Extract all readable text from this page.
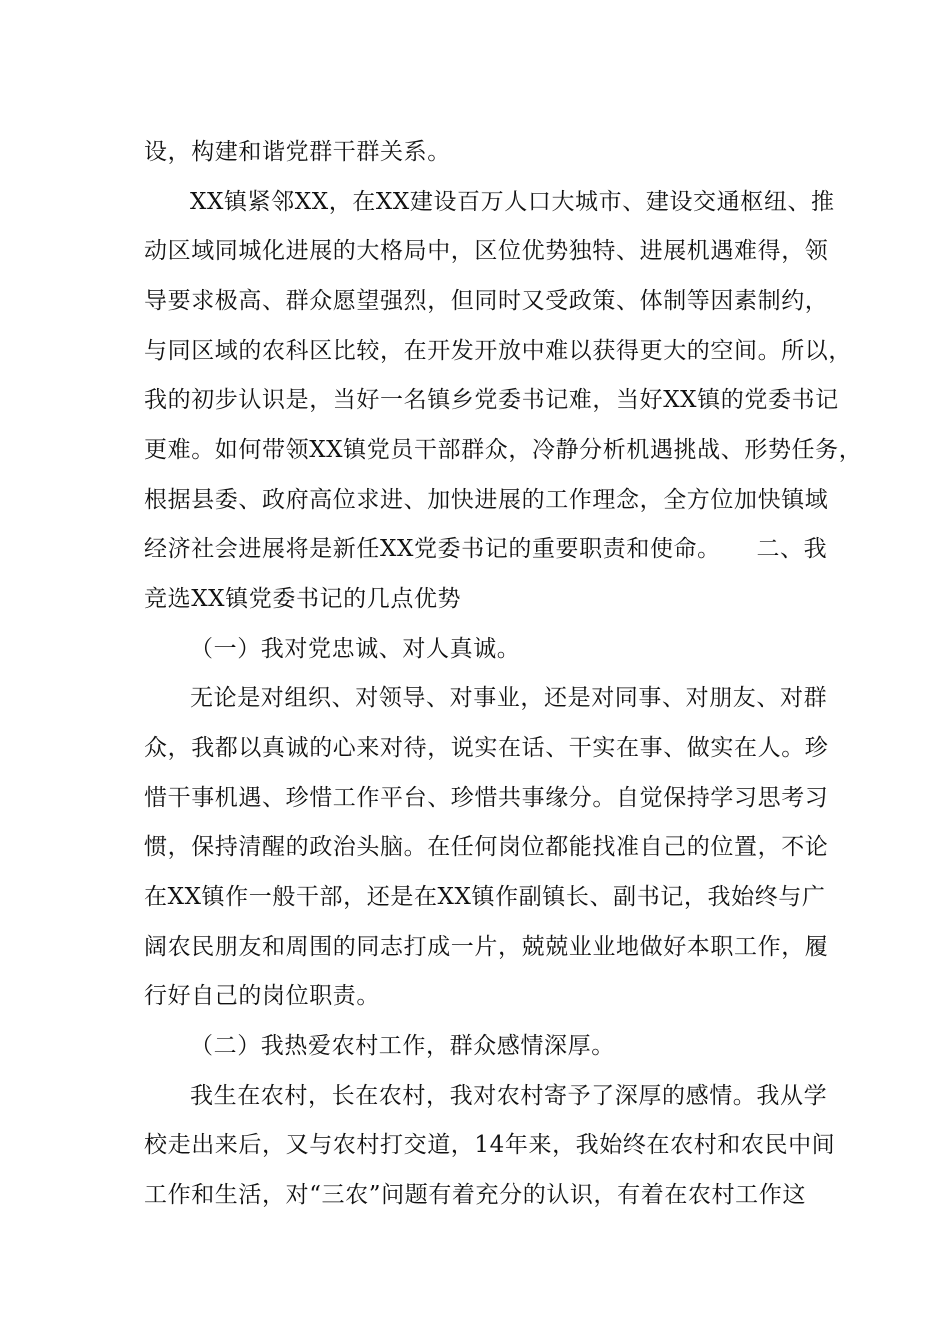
设，构建和谐党群干群关系。
XX镇紧邻XX，在XX建设百万人口大城市、建设交通枢纽、推
动区域同城化进展的大格局中，区位优势独特、进展机遇难得，领
导要求极高、群众愿望强烈，但同时又受政策、体制等因素制约，
与同区域的农科区比较，在开发开放中难以获得更大的空间。所以，
我的初步认识是，当好一名镇乡党委书记难，当好XX镇的党委书记
更难。如何带领XX镇党员干部群众，冷静分析机遇挑战、形势任务，
根据县委、政府高位求进、加快进展的工作理念，全方位加快镇域
经济社会进展将是新任XX党委书记的重要职责和使命。　　二、我
竞选XX镇党委书记的几点优势
（一）我对党忠诚、对人真诚。
无论是对组织、对领导、对事业，还是对同事、对朋友、对群
众，我都以真诚的心来对待，说实在话、干实在事、做实在人。珍
惜干事机遇、珍惜工作平台、珍惜共事缘分。自觉保持学习思考习
惯，保持清醒的政治头脑。在任何岗位都能找准自己的位置，不论
在XX镇作一般干部，还是在XX镇作副镇长、副书记，我始终与广
阔农民朋友和周围的同志打成一片，兢兢业业地做好本职工作，履
行好自己的岗位职责。
（二）我热爱农村工作，群众感情深厚。
我生在农村，长在农村，我对农村寄予了深厚的感情。我从学
校走出来后，又与农村打交道，14年来，我始终在农村和农民中间
工作和生活，对“三农”问题有着充分的认识，有着在农村工作这
